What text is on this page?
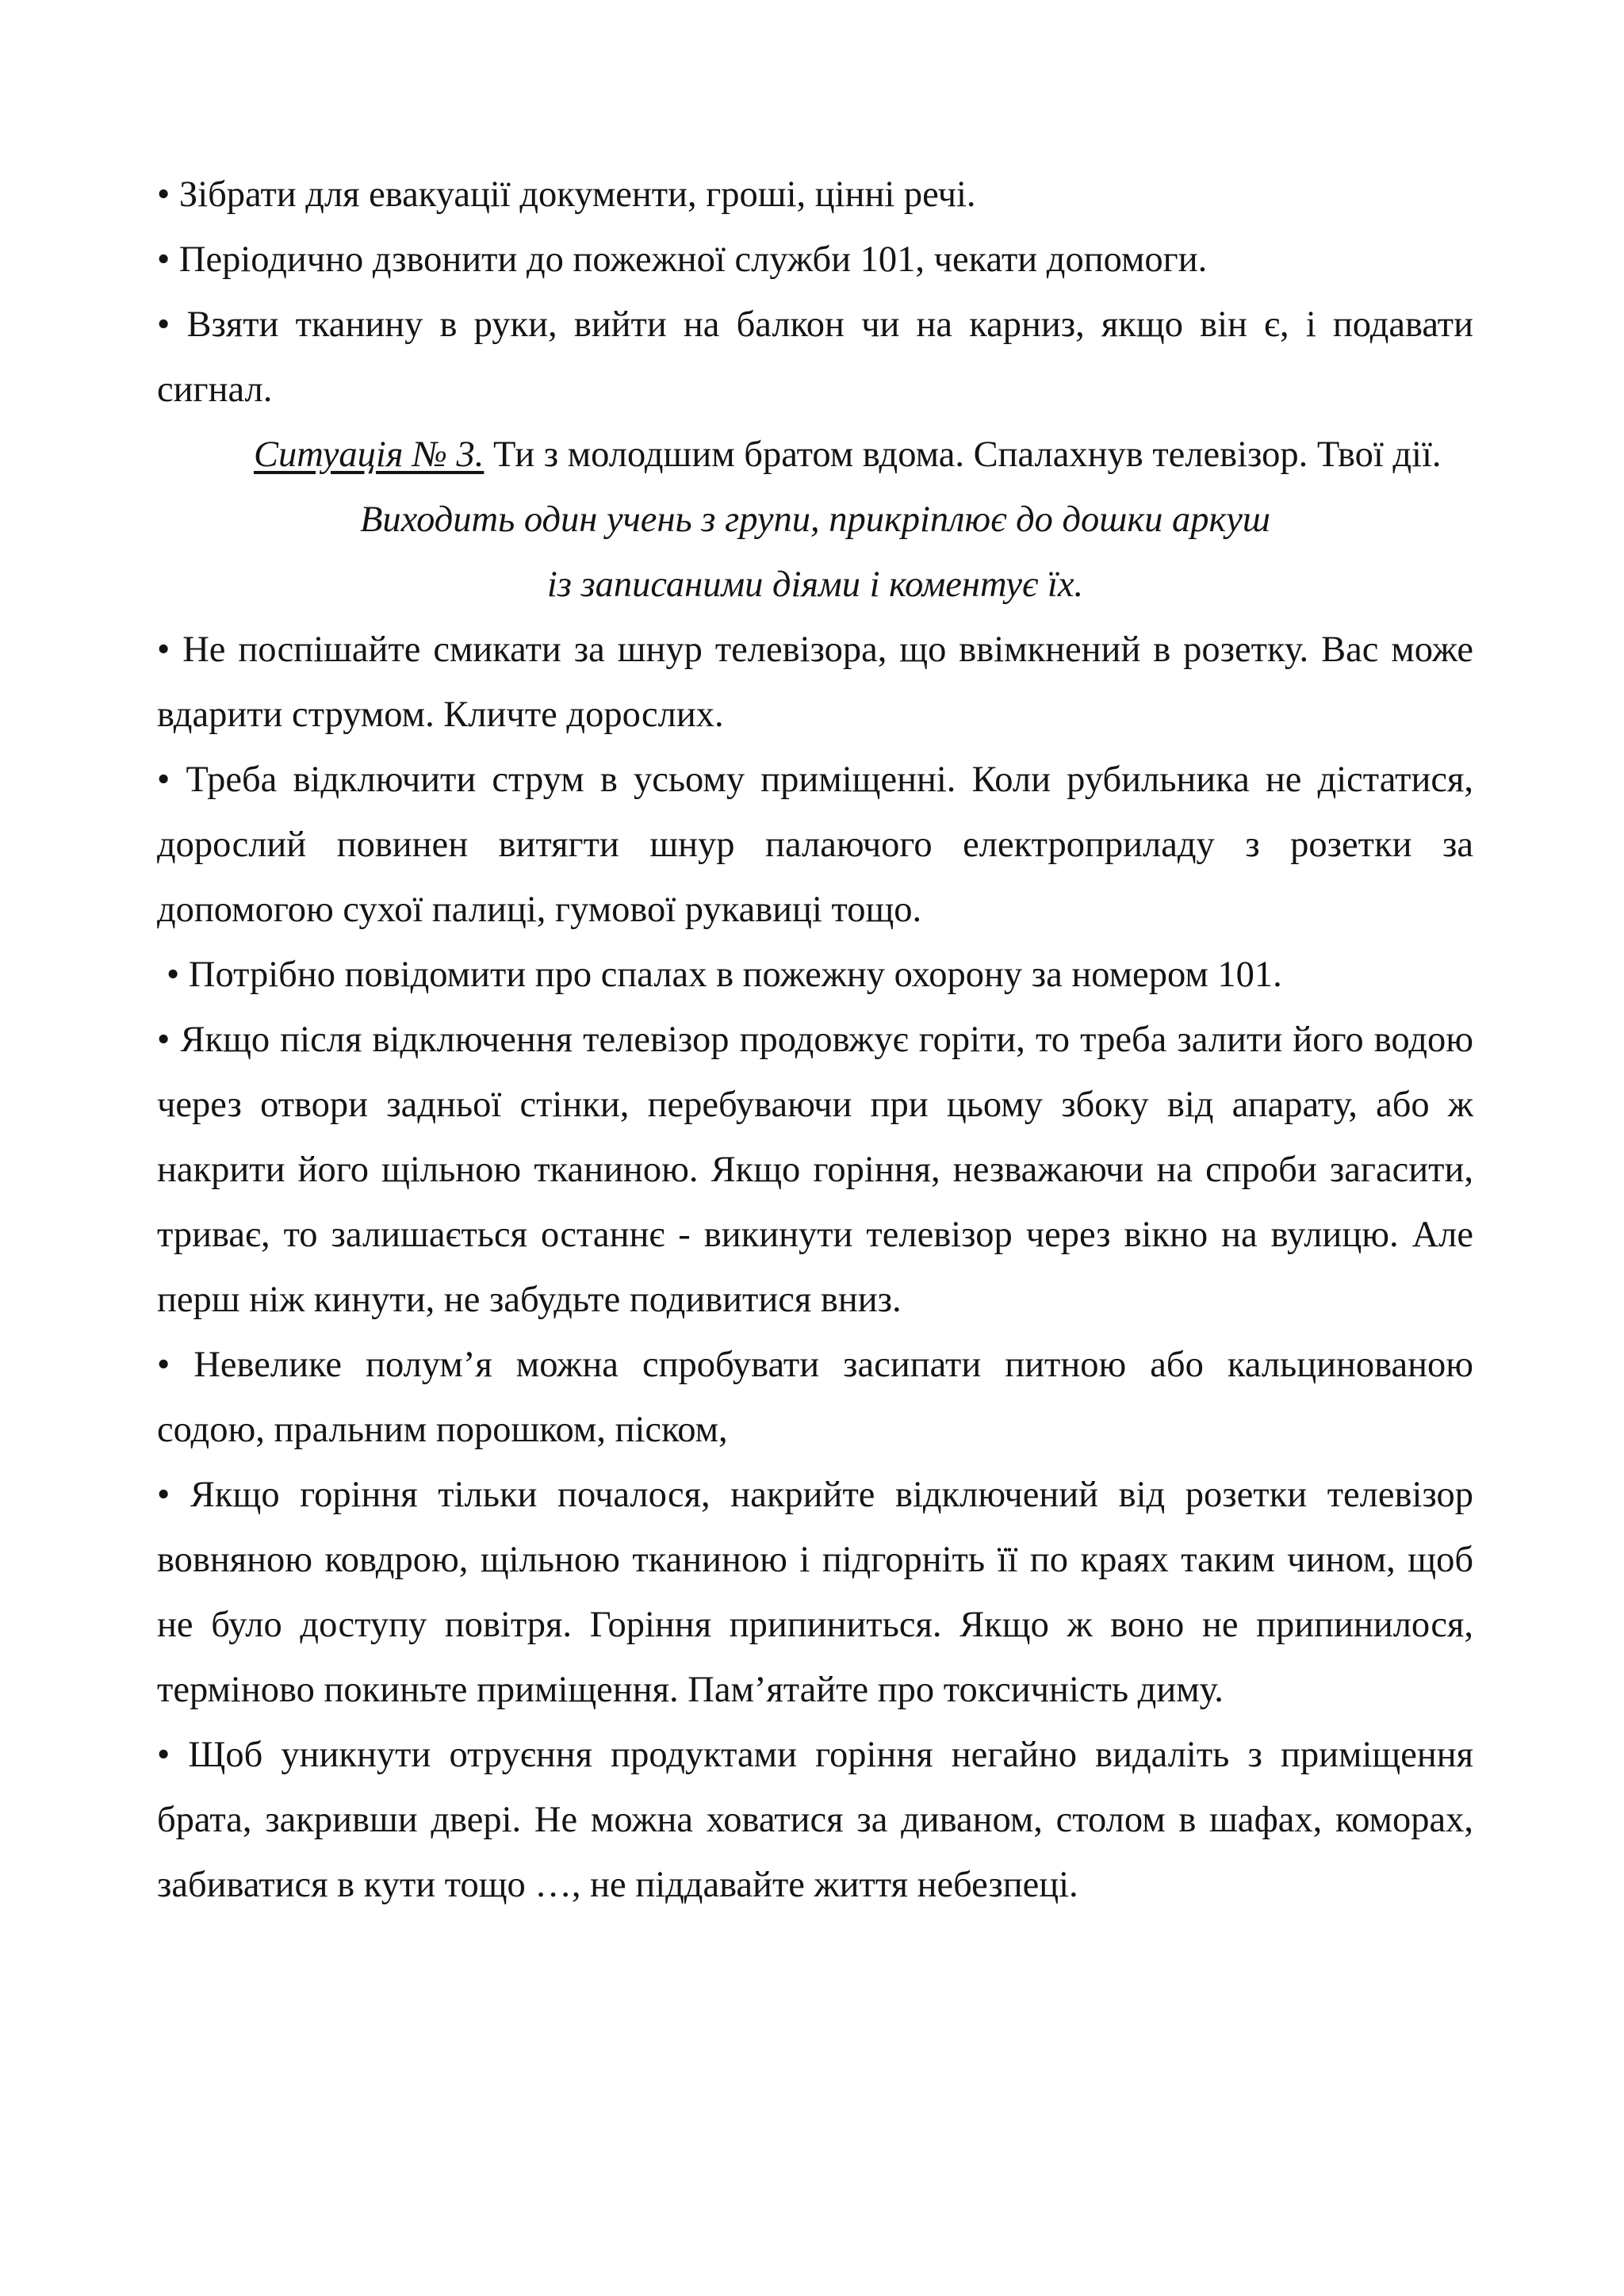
• Зібрати для евакуації документи, гроші, цінні речі.

• Періодично дзвонити до пожежної служби 101, чекати допомоги.

• Взяти тканину в руки, вийти на балкон чи на карниз, якщо він є, і подавати сигнал.

Ситуація № 3. Ти з молодшим братом вдома. Спалахнув телевізор. Твої дії.

Виходить один учень з групи, прикріплює до дошки аркуш

із записаними діями і коментує їх.

• Не поспішайте смикати за шнур телевізора, що ввімкнений в розетку. Вас може вдарити струмом. Кличте дорослих.

• Треба відключити струм в усьому приміщенні. Коли рубильника не дістатися, дорослий повинен витягти шнур палаючого електроприладу з розетки за допомогою сухої палиці, гумової рукавиці тощо.

• Потрібно повідомити про спалах в пожежну охорону за номером 101.

• Якщо після відключення телевізор продовжує горіти, то треба залити його водою через отвори задньої стінки, перебуваючи при цьому збоку від апарату, або ж накрити його щільною тканиною. Якщо горіння, незважаючи на спроби загасити, триває, то залишається останнє - викинути телевізор через вікно на вулицю. Але перш ніж кинути, не забудьте подивитися вниз.

• Невелике полум’я можна спробувати засипати питною або кальцинованою содою, пральним порошком, піском,

• Якщо горіння тільки почалося, накрийте відключений від розетки телевізор вовняною ковдрою, щільною тканиною і підгорніть її по краях таким чином, щоб не було доступу повітря. Горіння припиниться. Якщо ж воно не припинилося, терміново покиньте приміщення. Пам’ятайте про токсичність диму.

• Щоб уникнути отруєння продуктами горіння негайно видаліть з приміщення брата, закривши двері. Не можна ховатися за диваном, столом в шафах, коморах, забиватися в кути тощо …, не піддавайте життя небезпеці.
